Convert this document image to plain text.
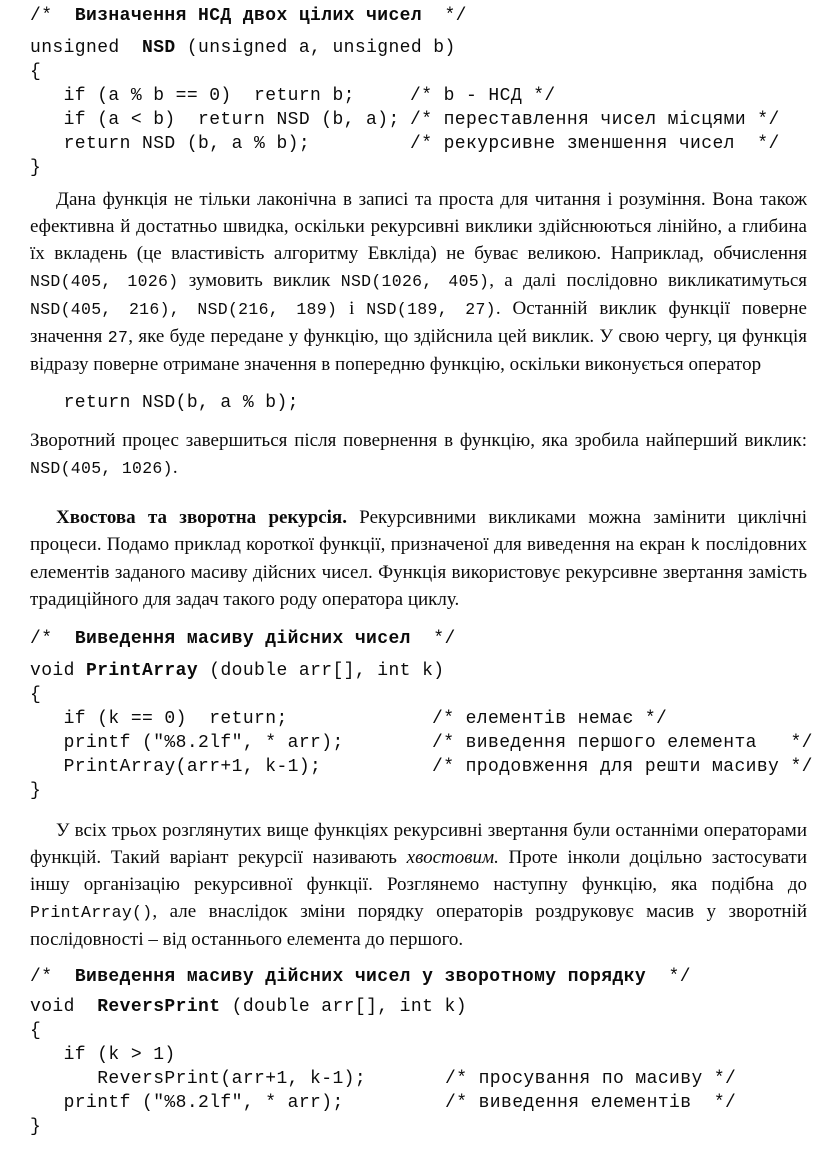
/*  Визначення НСД двох цілих чисел  */
unsigned  NSD (unsigned a, unsigned b)
{
if (a % b == 0)  return b;	/* b - НСД */
if (a < b)  return NSD (b, a); /* переставлення чисел місцями */
return NSD (b, a % b);	/* рекурсивне зменшення чисел  */
}

Дана функція не тільки лаконічна в записі та проста для читання і розуміння. Вона також ефективна й достатньо швидка, оскільки рекурсивні виклики здійснюються лінійно, а глибина їх вкладень (це властивість алгоритму Евкліда) не буває великою. Наприклад, обчислення NSD(405, 1026) зумовить виклик NSD(1026, 405), а далі послідовно викликатимуться NSD(405, 216), NSD(216, 189) і NSD(189, 27). Останній виклик функції поверне значення 27, яке буде передане у функцію, що здійснила цей виклик. У свою чергу, ця функція відразу поверне отримане значення в попередню функцію, оскільки виконується оператор

return NSD(b, a % b);

Зворотний процес завершиться після повернення в функцію, яка зробила найперший виклик: NSD(405, 1026).

Хвостова та зворотна рекурсія. Рекурсивними викликами можна замінити циклічні процеси. Подамо приклад короткої функції, призначеної для виведення на екран k послідовних елементів заданого масиву дійсних чисел. Функція використовує рекурсивне звертання замість традиційного для задач такого роду оператора циклу.

/*  Виведення масиву дійсних чисел  */
void PrintArray (double arr[], int k)
{
if (k == 0)  return;	/* елементів немає */
printf ("%8.2lf", * arr);	/* виведення першого елемента   */
PrintArray(arr+1, k-1);	/* продовження для решти масиву */
}

У всіх трьох розглянутих вище функціях рекурсивні звертання були останніми операторами функцій. Такий варіант рекурсії називають хвостовим. Проте інколи доцільно застосувати іншу організацію рекурсивної функції. Розглянемо наступну функцію, яка подібна до PrintArray(), але внаслідок зміни порядку операторів роздруковує масив у зворотній послідовності – від останнього елемента до першого.

/*  Виведення масиву дійсних чисел у зворотному порядку  */
void  ReversPrint (double arr[], int k)
{
if (k > 1)
ReversPrint(arr+1, k-1);	/* просування по масиву */
printf ("%8.2lf", * arr);	/* виведення елементів  */
}
